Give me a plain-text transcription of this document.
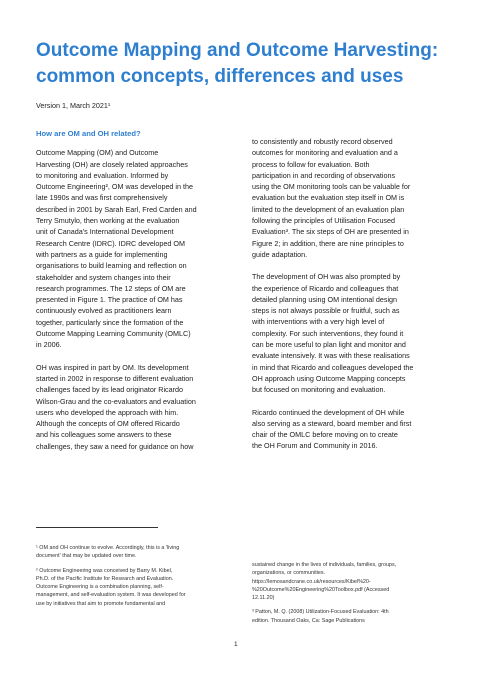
Outcome Mapping and Outcome Harvesting:
common concepts, differences and uses
Version 1, March 2021¹
How are OM and OH related?

Outcome Mapping (OM) and Outcome
Harvesting (OH) are closely related approaches
to monitoring and evaluation. Informed by
Outcome Engineering², OM was developed in the
late 1990s and was first comprehensively
described in 2001 by Sarah Earl, Fred Carden and
Terry Smutylo, then working at the evaluation
unit of Canada's International Development
Research Centre (IDRC). IDRC developed OM
with partners as a guide for implementing
organisations to build learning and reflection on
stakeholder and system changes into their
research programmes. The 12 steps of OM are
presented in Figure 1. The practice of OM has
continuously evolved as practitioners learn
together, particularly since the formation of the
Outcome Mapping Learning Community (OMLC)
in 2006.

OH was inspired in part by OM. Its development
started in 2002 in response to different evaluation
challenges faced by its lead originator Ricardo
Wilson-Grau and the co-evaluators and evaluation
users who developed the approach with him.
Although the concepts of OM offered Ricardo
and his colleagues some answers to these
challenges, they saw a need for guidance on how

to consistently and robustly record observed
outcomes for monitoring and evaluation and a
process to follow for evaluation. Both
participation in and recording of observations
using the OM monitoring tools can be valuable for
evaluation but the evaluation step itself in OM is
limited to the development of an evaluation plan
following the principles of Utilisation Focused
Evaluation³. The six steps of OH are presented in
Figure 2; in addition, there are nine principles to
guide adaptation.

The development of OH was also prompted by
the experience of Ricardo and colleagues that
detailed planning using OM intentional design
steps is not always possible or fruitful, such as
with interventions with a very high level of
complexity. For such interventions, they found it
can be more useful to plan light and monitor and
evaluate intensively. It was with these realisations
in mind that Ricardo and colleagues developed the
OH approach using Outcome Mapping concepts
but focused on monitoring and evaluation.

Ricardo continued the development of OH while
also serving as a steward, board member and first
chair of the OMLC before moving on to create
the OH Forum and Community in 2016.

¹ OM and OH continue to evolve. Accordingly, this is a 'living
document' that may be updated over time.

² Outcome Engineering was conceived by Barry M. Kibel,
Ph.D. of the Pacific Institute for Research and Evaluation.
Outcome Engineering is a combination planning, self-
management, and self-evaluation system. It was developed for
use by initiatives that aim to promote fundamental and

sustained change in the lives of individuals, families, groups,
organizations, or communities.
https://lemosandcrane.co.uk/resources/Kibel%20-
%20Outcome%20Engineering%20Toolbox.pdf (Accessed
12.11.20)

³ Patton, M. Q. (2008) Utilization-Focused Evaluation: 4th
edition. Thousand Oaks, Ca: Sage Publications

1
